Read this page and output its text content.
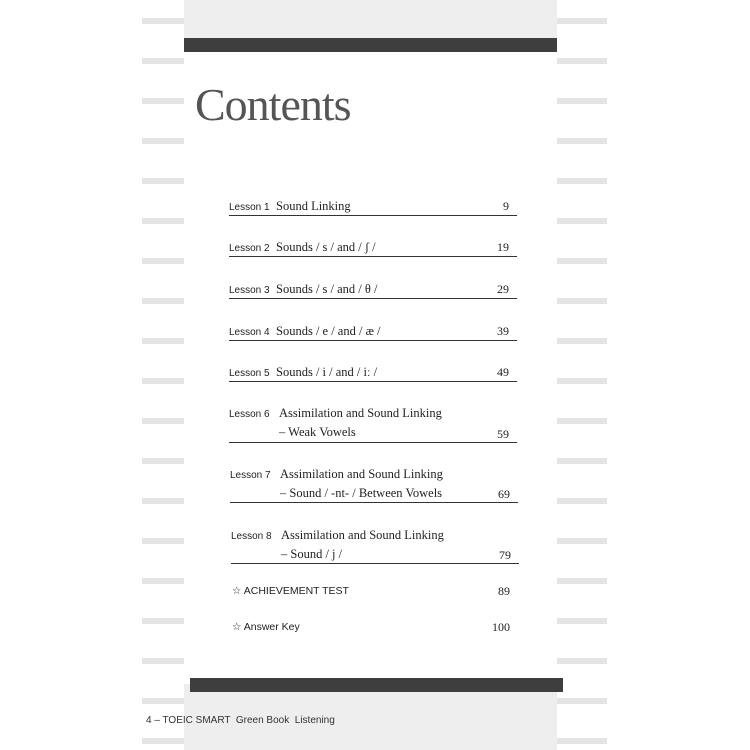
Contents
Lesson 1 Sound Linking	9
Lesson 2 Sounds / s / and / ʃ /	19
Lesson 3 Sounds / s / and / θ /	29
Lesson 4 Sounds / e / and / æ /	39
Lesson 5 Sounds / i / and / iː /	49
Lesson 6 Assimilation and Sound Linking
– Weak Vowels	59
Lesson 7 Assimilation and Sound Linking
– Sound / -nt- / Between Vowels	69
Lesson 8 Assimilation and Sound Linking
– Sound / j /	79
☆ ACHIEVEMENT TEST	89
☆ Answer Key	100
4 – TOEIC SMART  Green Book  Listening
